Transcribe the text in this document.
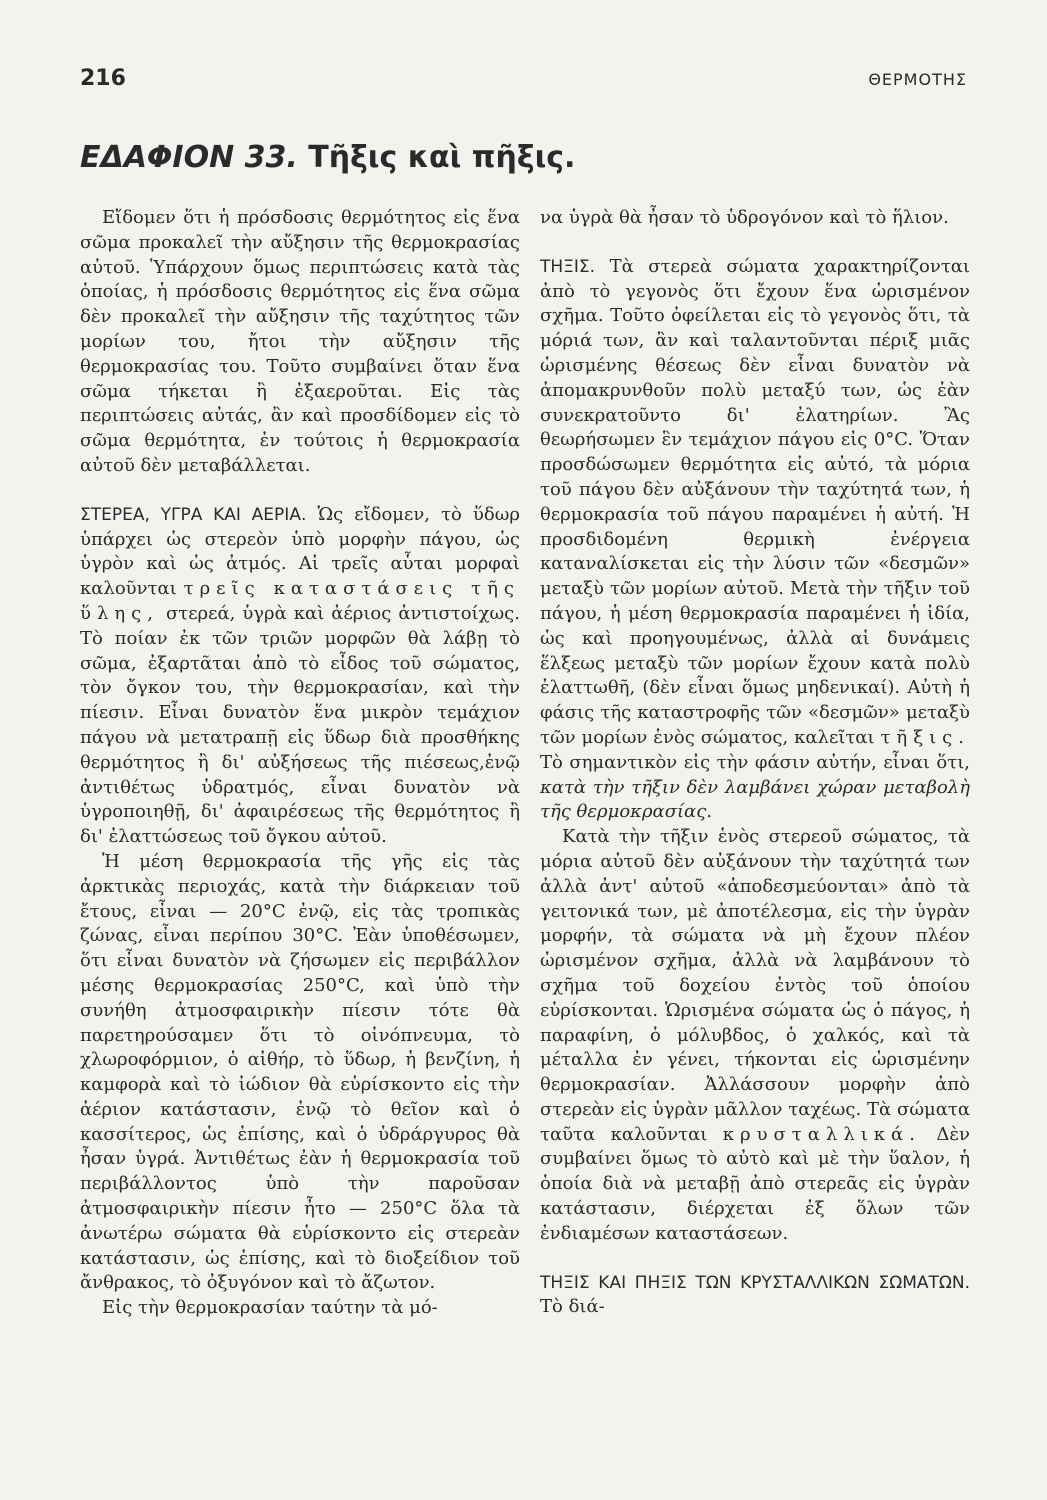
216	ΘΕΡΜΟΤΗΣ
ΕΔΑΦΙΟΝ 33. Τῆξις καὶ πῆξις.

Εἴδομεν ὅτι ἡ πρόσδοσις θερμότητος εἰς ἕνα σῶμα προκαλεῖ τὴν αὔξησιν τῆς θερμοκρασίας αὐτοῦ. Ὑπάρχουν ὅμως περιπτώσεις κατὰ τὰς ὁποίας, ἡ πρόσδοσις θερμότητος εἰς ἕνα σῶμα δὲν προκαλεῖ τὴν αὔξησιν τῆς ταχύτητος τῶν μορίων του, ἤτοι τὴν αὔξησιν τῆς θερμοκρασίας του. Τοῦτο συμβαίνει ὅταν ἕνα σῶμα τήκεται ἢ ἐξαεροῦται. Εἰς τὰς περιπτώσεις αὐτάς, ἂν καὶ προσδίδομεν εἰς τὸ σῶμα θερμότητα, ἐν τούτοις ἡ θερμοκρασία αὐτοῦ δὲν μεταβάλλεται.

ΣΤΕΡΕΑ, ΥΓΡΑ ΚΑΙ ΑΕΡΙΑ. Ὡς εἴδομεν, τὸ ὕδωρ ὑπάρχει ὡς στερεὸν ὑπὸ μορφὴν πάγου, ὡς ὑγρὸν καὶ ὡς ἀτμός. Αἱ τρεῖς αὗται μορφαὶ καλοῦνται τρεῖς καταστάσεις τῆς ὕλης, στερεά, ὑγρὰ καὶ ἀέριος ἀντιστοίχως. Τὸ ποίαν ἐκ τῶν τριῶν μορφῶν θὰ λάβῃ τὸ σῶμα, ἐξαρτᾶται ἀπὸ τὸ εἶδος τοῦ σώματος, τὸν ὄγκον του, τὴν θερμοκρασίαν, καὶ τὴν πίεσιν. Εἶναι δυνατὸν ἕνα μικρὸν τεμάχιον πάγου νὰ μετατραπῇ εἰς ὕδωρ διὰ προσθήκης θερμότητος ἢ δι' αὐξήσεως τῆς πιέσεως,ἐνῷ ἀντιθέτως ὑδρατμός, εἶναι δυνατὸν νὰ ὑγροποιηθῇ, δι' ἀφαιρέσεως τῆς θερμότητος ἢ δι' ἐλαττώσεως τοῦ ὄγκου αὐτοῦ.

Ἡ μέση θερμοκρασία τῆς γῆς εἰς τὰς ἀρκτικὰς περιοχάς, κατὰ τὴν διάρκειαν τοῦ ἔτους, εἶναι — 20°C ἐνῷ, εἰς τὰς τροπικὰς ζώνας, εἶναι περίπου 30°C. Ἐὰν ὑποθέσωμεν, ὅτι εἶναι δυνατὸν νὰ ζήσωμεν εἰς περιβάλλον μέσης θερμοκρασίας 250°C, καὶ ὑπὸ τὴν συνήθη ἀτμοσφαιρικὴν πίεσιν τότε θὰ παρετηρούσαμεν ὅτι τὸ οἰνόπνευμα, τὸ χλωροφόρμιον, ὁ αἰθήρ, τὸ ὕδωρ, ἡ βενζίνη, ἡ καμφορὰ καὶ τὸ ἰώδιον θὰ εὑρίσκοντο εἰς τὴν ἀέριον κατάστασιν, ἐνῷ τὸ θεῖον καὶ ὁ κασσίτερος, ὡς ἐπίσης, καὶ ὁ ὑδράργυρος θὰ ἦσαν ὑγρά. Ἀντιθέτως ἐὰν ἡ θερμοκρασία τοῦ περιβάλλοντος ὑπὸ τὴν παροῦσαν ἀτμοσφαιρικὴν πίεσιν ἦτο — 250°C ὅλα τὰ ἀνωτέρω σώματα θὰ εὑρίσκοντο εἰς στερεὰν κατάστασιν, ὡς ἐπίσης, καὶ τὸ διοξείδιον τοῦ ἄνθρακος, τὸ ὀξυγόνον καὶ τὸ ἄζωτον.

Εἰς τὴν θερμοκρασίαν ταύτην τὰ μό-

να ὑγρὰ θὰ ἦσαν τὸ ὑδρογόνον καὶ τὸ ἥλιον.

ΤΗΞΙΣ. Τὰ στερεὰ σώματα χαρακτηρίζονται ἀπὸ τὸ γεγονὸς ὅτι ἔχουν ἕνα ὡρισμένον σχῆμα. Τοῦτο ὀφείλεται εἰς τὸ γεγονὸς ὅτι, τὰ μόριά των, ἂν καὶ ταλαντοῦνται πέριξ μιᾶς ὡρισμένης θέσεως δὲν εἶναι δυνατὸν νὰ ἀπομακρυνθοῦν πολὺ μεταξύ των, ὡς ἐὰν συνεκρατοῦντο δι' ἐλατηρίων. Ἂς θεωρήσωμεν ἓν τεμάχιον πάγου εἰς 0°C. Ὅταν προσδώσωμεν θερμότητα εἰς αὐτό, τὰ μόρια τοῦ πάγου δὲν αὐξάνουν τὴν ταχύτητά των, ἡ θερμοκρασία τοῦ πάγου παραμένει ἡ αὐτή. Ἡ προσδιδομένη θερμικὴ ἐνέργεια καταναλίσκεται εἰς τὴν λύσιν τῶν «δεσμῶν» μεταξὺ τῶν μορίων αὐτοῦ. Μετὰ τὴν τῆξιν τοῦ πάγου, ἡ μέση θερμοκρασία παραμένει ἡ ἰδία, ὡς καὶ προηγουμένως, ἀλλὰ αἱ δυνάμεις ἕλξεως μεταξὺ τῶν μορίων ἔχουν κατὰ πολὺ ἐλαττωθῆ, (δὲν εἶναι ὅμως μηδενικαί). Αὐτὴ ἡ φάσις τῆς καταστροφῆς τῶν «δεσμῶν» μεταξὺ τῶν μορίων ἑνὸς σώματος, καλεῖται τῆξις. Τὸ σημαντικὸν εἰς τὴν φάσιν αὐτήν, εἶναι ὅτι, κατὰ τὴν τῆξιν δὲν λαμβάνει χώραν μεταβολὴ τῆς θερμοκρασίας.

Κατὰ τὴν τῆξιν ἑνὸς στερεοῦ σώματος, τὰ μόρια αὐτοῦ δὲν αὐξάνουν τὴν ταχύτητά των ἀλλὰ ἀντ' αὐτοῦ «ἀποδεσμεύονται» ἀπὸ τὰ γειτονικά των, μὲ ἀποτέλεσμα, εἰς τὴν ὑγρὰν μορφήν, τὰ σώματα νὰ μὴ ἔχουν πλέον ὡρισμένον σχῆμα, ἀλλὰ νὰ λαμβάνουν τὸ σχῆμα τοῦ δοχείου ἐντὸς τοῦ ὁποίου εὑρίσκονται. Ὡρισμένα σώματα ὡς ὁ πάγος, ἡ παραφίνη, ὁ μόλυβδος, ὁ χαλκός, καὶ τὰ μέταλλα ἐν γένει, τήκονται εἰς ὡρισμένην θερμοκρασίαν. Ἀλλάσσουν μορφὴν ἀπὸ στερεὰν εἰς ὑγρὰν μᾶλλον ταχέως. Τὰ σώματα ταῦτα καλοῦνται κρυσταλλικά. Δὲν συμβαίνει ὅμως τὸ αὐτὸ καὶ μὲ τὴν ὕαλον, ἡ ὁποία διὰ νὰ μεταβῇ ἀπὸ στερεᾶς εἰς ὑγρὰν κατάστασιν, διέρχεται ἐξ ὅλων τῶν ἐνδιαμέσων καταστάσεων.

ΤΗΞΙΣ ΚΑΙ ΠΗΞΙΣ ΤΩΝ ΚΡΥΣΤΑΛΛΙΚΩΝ ΣΩΜΑΤΩΝ. Τὸ διά-
